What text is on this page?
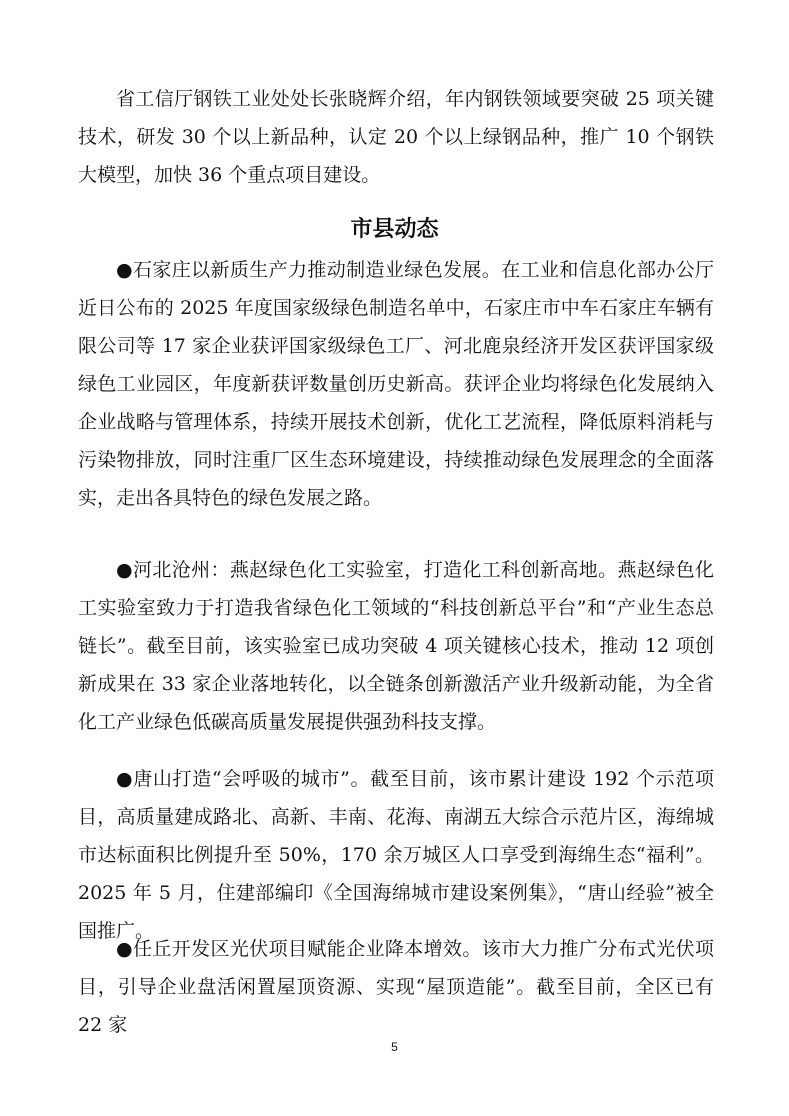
省工信厅钢铁工业处处长张晓辉介绍，年内钢铁领域要突破 25 项关键技术，研发 30 个以上新品种，认定 20 个以上绿钢品种，推广 10 个钢铁大模型，加快 36 个重点项目建设。

市县动态

●石家庄以新质生产力推动制造业绿色发展。在工业和信息化部办公厅近日公布的 2025 年度国家级绿色制造名单中，石家庄市中车石家庄车辆有限公司等 17 家企业获评国家级绿色工厂、河北鹿泉经济开发区获评国家级绿色工业园区，年度新获评数量创历史新高。获评企业均将绿色化发展纳入企业战略与管理体系，持续开展技术创新，优化工艺流程，降低原料消耗与污染物排放，同时注重厂区生态环境建设，持续推动绿色发展理念的全面落实，走出各具特色的绿色发展之路。

●河北沧州：燕赵绿色化工实验室，打造化工科创新高地。燕赵绿色化工实验室致力于打造我省绿色化工领域的“科技创新总平台”和“产业生态总链长”。截至目前，该实验室已成功突破 4 项关键核心技术，推动 12 项创新成果在 33 家企业落地转化，以全链条创新激活产业升级新动能，为全省化工产业绿色低碳高质量发展提供强劲科技支撑。

●唐山打造“会呼吸的城市”。截至目前，该市累计建设 192 个示范项目，高质量建成路北、高新、丰南、花海、南湖五大综合示范片区，海绵城市达标面积比例提升至 50%，170 余万城区人口享受到海绵生态“福利”。2025 年 5 月，住建部编印《全国海绵城市建设案例集》，“唐山经验”被全国推广。

●任丘开发区光伏项目赋能企业降本增效。该市大力推广分布式光伏项目，引导企业盘活闲置屋顶资源、实现“屋顶造能”。截至目前，全区已有 22 家

5
